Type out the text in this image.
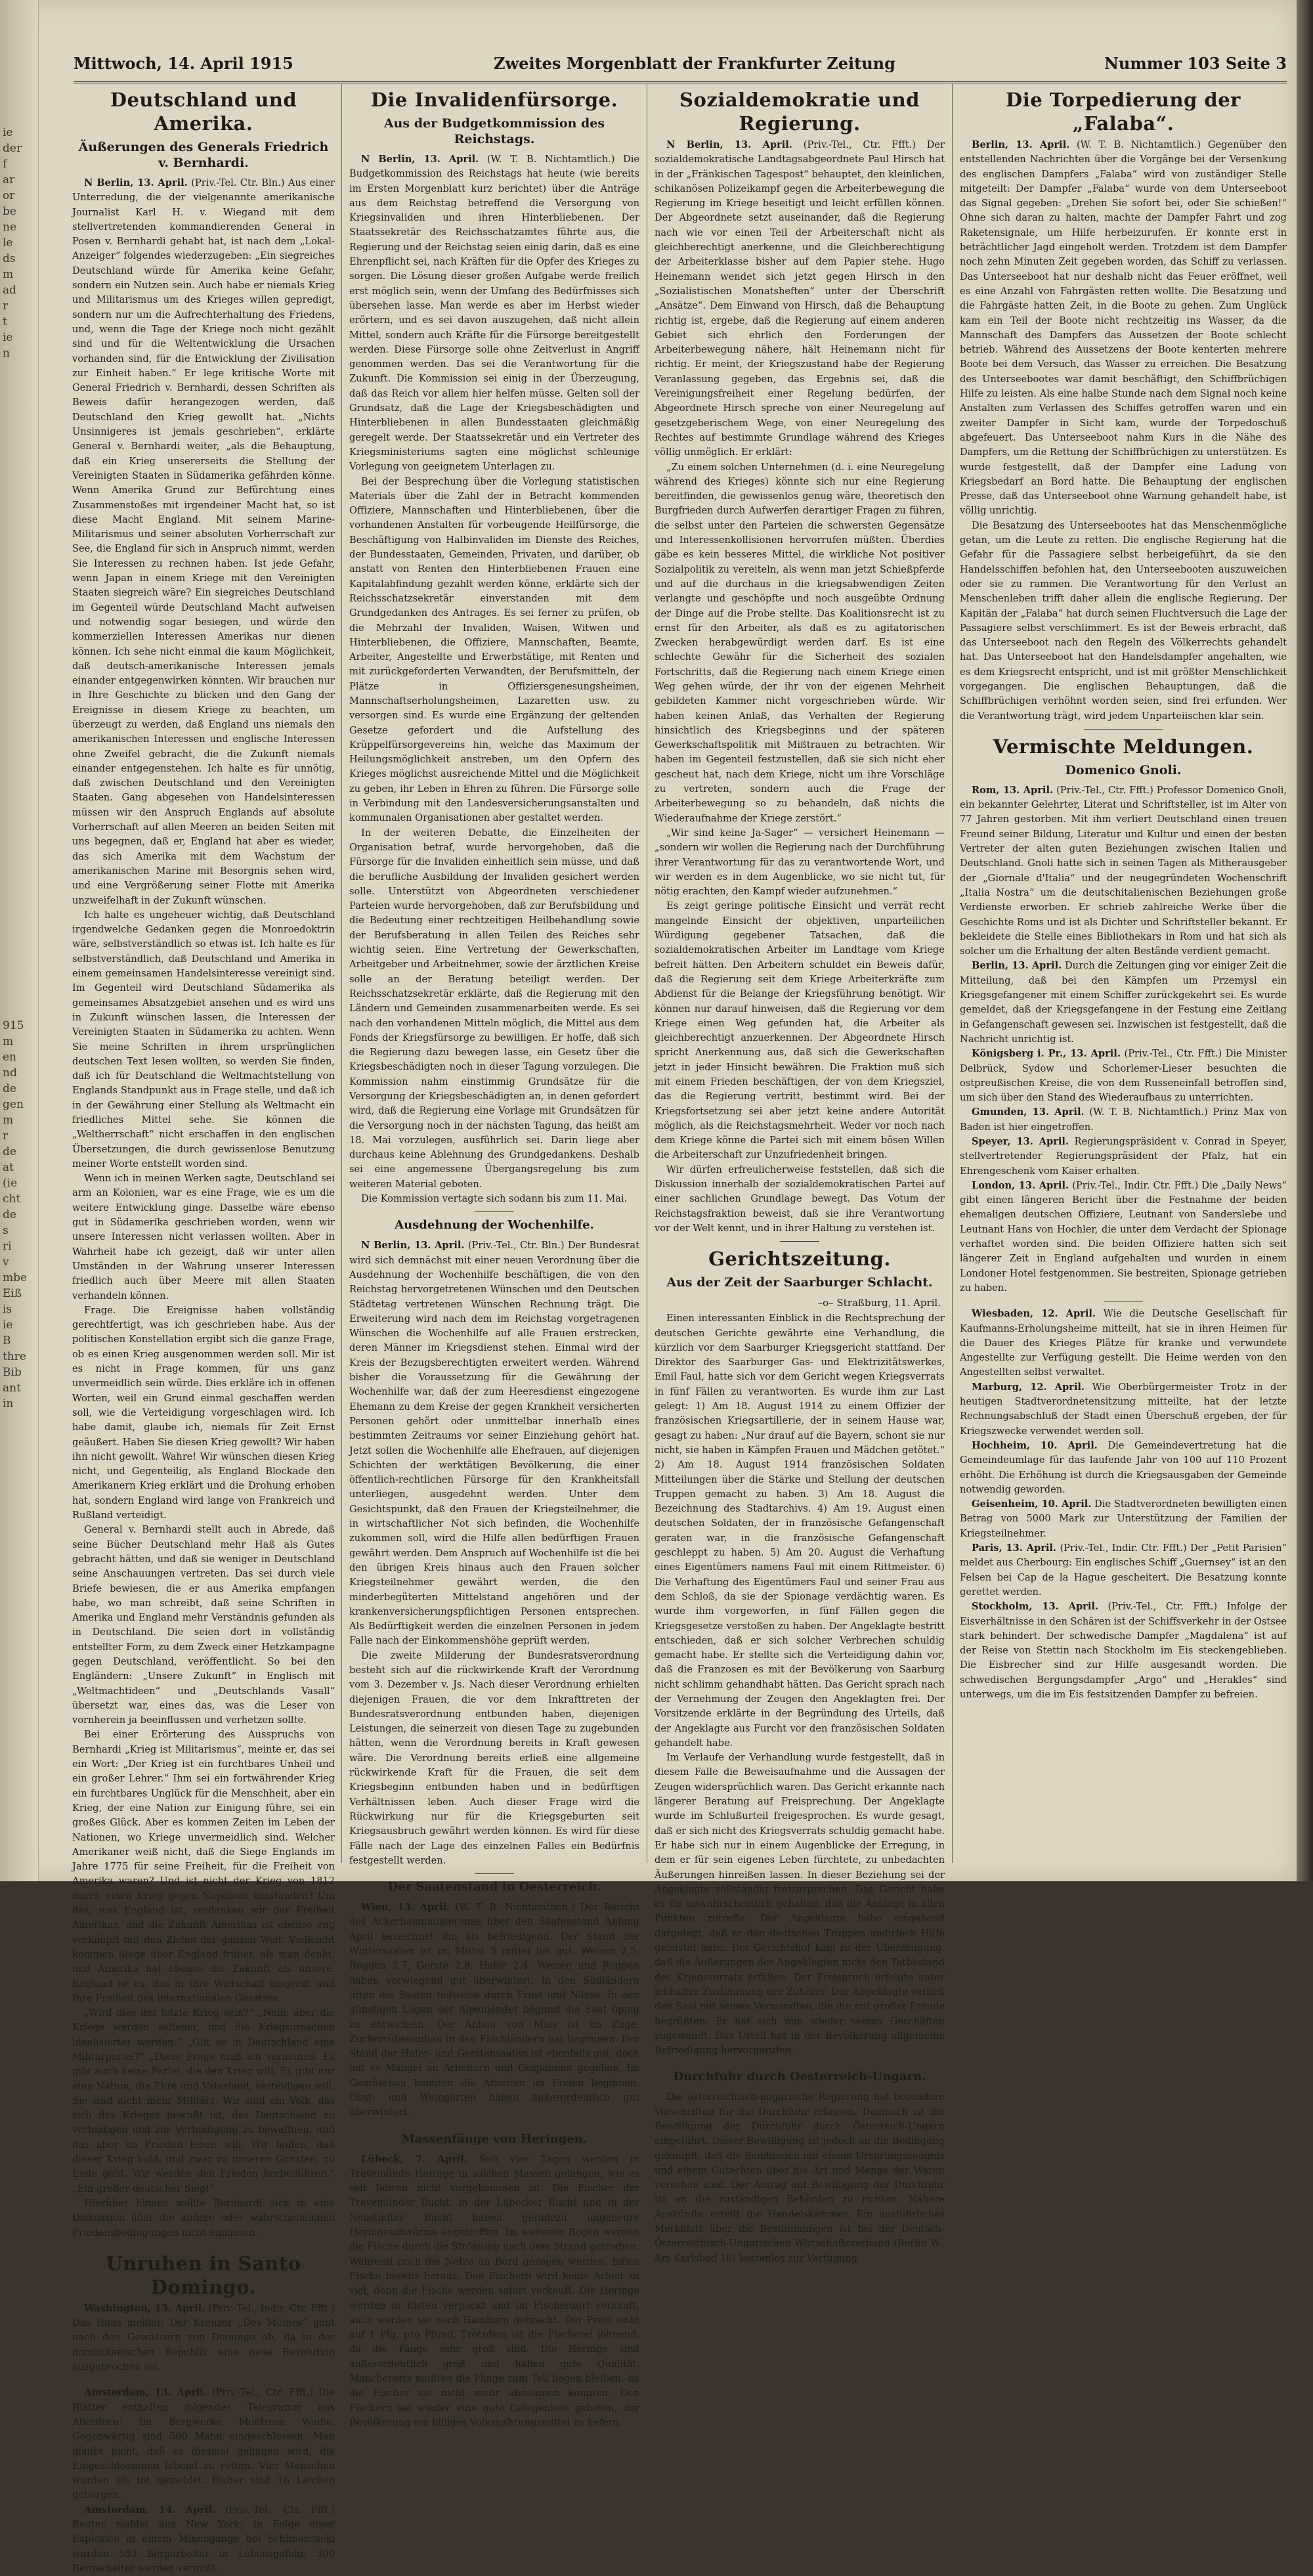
ie
der
f
ar
or
be
ne
le
ds
m
ad
r
t
ie
n
915
m
en
nd
de
gen
m
r
de
at
(ie
cht
de
s
ri
v
mbe
Eiß
is
ie
B
thre
Bib
ant
in
Mittwoch, 14. April 1915	Zweites Morgenblatt der Frankfurter Zeitung	Nummer 103 Seite 3
Deutschland und Amerika.
Äußerungen des Generals Friedrich v. Bernhardi.

N Berlin, 13. April. (Priv.-Tel. Ctr. Bln.) Aus einer Unterredung, die der vielgenannte amerikanische Journalist Karl H. v. Wiegand mit dem stellvertretenden kommandierenden General in Posen v. Bernhardi gehabt hat, ist nach dem „Lokal-Anzeiger“ folgendes wiederzugeben: „Ein siegreiches Deutschland würde für Amerika keine Gefahr, sondern ein Nutzen sein. Auch habe er niemals Krieg und Militarismus um des Krieges willen gepredigt, sondern nur um die Aufrechterhaltung des Friedens, und, wenn die Tage der Kriege noch nicht gezählt sind und für die Weltentwicklung die Ursachen vorhanden sind, für die Entwicklung der Zivilisation zur Einheit haben.“ Er lege kritische Worte mit General Friedrich v. Bernhardi, dessen Schriften als Beweis dafür herangezogen werden, daß Deutschland den Krieg gewollt hat. „Nichts Unsinnigeres ist jemals geschrieben“, erklärte General v. Bernhardi weiter, „als die Behauptung, daß ein Krieg unsererseits die Stellung der Vereinigten Staaten in Südamerika gefährden könne. Wenn Amerika Grund zur Befürchtung eines Zusammenstoßes mit irgendeiner Macht hat, so ist diese Macht England. Mit seinem Marine-Militarismus und seiner absoluten Vorherrschaft zur See, die England für sich in Anspruch nimmt, werden Sie Interessen zu rechnen haben. Ist jede Gefahr, wenn Japan in einem Kriege mit den Vereinigten Staaten siegreich wäre? Ein siegreiches Deutschland im Gegenteil würde Deutschland Macht aufweisen und notwendig sogar besiegen, und würde den kommerziellen Interessen Amerikas nur dienen können. Ich sehe nicht einmal die kaum Möglichkeit, daß deutsch-amerikanische Interessen jemals einander entgegenwirken könnten. Wir brauchen nur in Ihre Geschichte zu blicken und den Gang der Ereignisse in diesem Kriege zu beachten, um überzeugt zu werden, daß England uns niemals den amerikanischen Interessen und englische Interessen ohne Zweifel gebracht, die die Zukunft niemals einander entgegenstehen. Ich halte es für unnötig, daß zwischen Deutschland und den Vereinigten Staaten. Gang abgesehen von Handelsinteressen müssen wir den Anspruch Englands auf absolute Vorherrschaft auf allen Meeren an beiden Seiten mit uns begegnen, daß er, England hat aber es wieder, das sich Amerika mit dem Wachstum der amerikanischen Marine mit Besorgnis sehen wird, und eine Vergrößerung seiner Flotte mit Amerika unzweifelhaft in der Zukunft wünschen.

Ich halte es ungeheuer wichtig, daß Deutschland irgendwelche Gedanken gegen die Monroedoktrin wäre, selbstverständlich so etwas ist. Ich halte es für selbstverständlich, daß Deutschland und Amerika in einem gemeinsamen Handelsinteresse vereinigt sind. Im Gegenteil wird Deutschland Südamerika als gemeinsames Absatzgebiet ansehen und es wird uns in Zukunft wünschen lassen, die Interessen der Vereinigten Staaten in Südamerika zu achten. Wenn Sie meine Schriften in ihrem ursprünglichen deutschen Text lesen wollten, so werden Sie finden, daß ich für Deutschland die Weltmachtstellung von Englands Standpunkt aus in Frage stelle, und daß ich in der Gewährung einer Stellung als Weltmacht ein friedliches Mittel sehe. Sie können die „Weltherrschaft“ nicht erschaffen in den englischen Übersetzungen, die durch gewissenlose Benutzung meiner Worte entstellt worden sind.

Wenn ich in meinen Werken sagte, Deutschland sei arm an Kolonien, war es eine Frage, wie es um die weitere Entwicklung ginge. Dasselbe wäre ebenso gut in Südamerika geschrieben worden, wenn wir unsere Interessen nicht verlassen wollten. Aber in Wahrheit habe ich gezeigt, daß wir unter allen Umständen in der Wahrung unserer Interessen friedlich auch über Meere mit allen Staaten verhandeln können.

Frage. Die Ereignisse haben vollständig gerechtfertigt, was ich geschrieben habe. Aus der politischen Konstellation ergibt sich die ganze Frage, ob es einen Krieg ausgenommen werden soll. Mir ist es nicht in Frage kommen, für uns ganz unvermeidlich sein würde. Dies erkläre ich in offenen Worten, weil ein Grund einmal geschaffen werden soll, wie die Verteidigung vorgeschlagen wird. Ich habe damit, glaube ich, niemals für Zeit Ernst geäußert. Haben Sie diesen Krieg gewollt? Wir haben ihn nicht gewollt. Wahre! Wir wünschen diesen Krieg nicht, und Gegenteilig, als England Blockade den Amerikanern Krieg erklärt und die Drohung erhoben hat, sondern England wird lange von Frankreich und Rußland verteidigt.

General v. Bernhardi stellt auch in Abrede, daß seine Bücher Deutschland mehr Haß als Gutes gebracht hätten, und daß sie weniger in Deutschland seine Anschauungen vertreten. Das sei durch viele Briefe bewiesen, die er aus Amerika empfangen habe, wo man schreibt, daß seine Schriften in Amerika und England mehr Verständnis gefunden als in Deutschland. Die seien dort in vollständig entstellter Form, zu dem Zweck einer Hetzkampagne gegen Deutschland, veröffentlicht. So bei den Engländern: „Unsere Zukunft“ in Englisch mit „Weltmachtideen“ und „Deutschlands Vasall“ übersetzt war, eines das, was die Leser von vornherein ja beeinflussen und verhetzen sollte.

Bei einer Erörterung des Ausspruchs von Bernhardi „Krieg ist Militarismus“, meinte er, das sei ein Wort: „Der Krieg ist ein furchtbares Unheil und ein großer Lehrer.“ Ihm sei ein fortwährender Krieg ein furchtbares Unglück für die Menschheit, aber ein Krieg, der eine Nation zur Einigung führe, sei ein großes Glück. Aber es kommen Zeiten im Leben der Nationen, wo Kriege unvermeidlich sind. Welcher Amerikaner weiß nicht, daß die Siege Englands im Jahre 1775 für seine Freiheit, für die Freiheit von Amerika waren? Und ist nicht der Krieg von 1812 durch einen Krieg gegen Napoleon entstanden? Um das, was England ist, verdanken wir der Freiheit Amerikas, und die Zukunft Amerikas ist ebenso eng verknüpft mit den Zielen der ganzen Welt. Vielleicht kommen Siege über England früher, als man denkt, und Amerika hat ebenso die Zukunft als unsere. England ist es, das in Ihre Wirtschaft eingreift und Ihre Freiheit des internationalen Gesetzes.

„Wird dies der letzte Krieg sein?“ „Nein, aber die Kriege werden seltener, und die Kriegsursachen idealisierter werden.“ „Gilt es in Deutschland eine Militärpartei?“ „Diese Frage muß ich verneinen. Es gibt auch keine Partei, die den Krieg will. Es gibt nur eine Nation, die Ehre und Vaterland, verteidigen will. Sie sind nicht mehr Militärs. Wir sind ein Volk, das sich des Krieges bewußt ist, das Deutschland zu verteidigen und zur Verteidigung zu bewaffnen, und das aber im Frieden leben will. Wir hoffen, daß dieser Krieg bald, und zwar zu unseren Gunsten, zu Ende geht. Wir werden den Frieden herbeiführen.“ „Ein großer deutscher Sieg!“

Hierüber hinaus wollte Bernhardi sich in eine Diskussion über die andere oder wahrscheinlichen Friedensbedingungen nicht einlassen.

Unruhen in Santo Domingo.

Washington, 13. April. (Priv.-Tel., Indir. Ctr. Ffft.) Das Haus meldet: Der Kreuzer „Des Moines“ geht nach den Gewässern von Domingo ab, da in der dominikanischen Republik eine neue Revolution ausgebrochen sei.

Amsterdam, 13. April. (Priv.-Tel., Ctr. Ffft.) Die Blätter enthalten folgendes Telegramm aus Aberdeen: Im Bergwerke Montrose Weiße. Gegenwärtig sind 500 Mann eingeschlossen. Man glaubt nicht, daß es diesmal gelingen wird, die Eingeschlossenen lebend zu retten. Vier Menschen wurden als tot gemeldet. Bisher sind 16 Leichen geborgen.

Amsterdam, 14. April. (Priv.-Tel., Ctr. Ffft.) Reuter meldet aus New York: In Folge einer Explosion in einem Minengange bei Schimonoseki wurden 593 Bergarbeiter in Lebensgefahr. 300 Bergarbeiter werden vermißt.

Die Invalidenfürsorge.
Aus der Budgetkommission des Reichstags.

N Berlin, 13. April. (W. T. B. Nichtamtlich.) Die Budgetkommission des Reichstags hat heute (wie bereits im Ersten Morgenblatt kurz berichtet) über die Anträge aus dem Reichstag betreffend die Versorgung von Kriegsinvaliden und ihren Hinterbliebenen. Der Staatssekretär des Reichsschatzamtes führte aus, die Regierung und der Reichstag seien einig darin, daß es eine Ehrenpflicht sei, nach Kräften für die Opfer des Krieges zu sorgen. Die Lösung dieser großen Aufgabe werde freilich erst möglich sein, wenn der Umfang des Bedürfnisses sich übersehen lasse. Man werde es aber im Herbst wieder erörtern, und es sei davon auszugehen, daß nicht allein Mittel, sondern auch Kräfte für die Fürsorge bereitgestellt werden. Diese Fürsorge solle ohne Zeitverlust in Angriff genommen werden. Das sei die Verantwortung für die Zukunft. Die Kommission sei einig in der Überzeugung, daß das Reich vor allem hier helfen müsse. Gelten soll der Grundsatz, daß die Lage der Kriegsbeschädigten und Hinterbliebenen in allen Bundesstaaten gleichmäßig geregelt werde. Der Staatssekretär und ein Vertreter des Kriegsministeriums sagten eine möglichst schleunige Vorlegung von geeignetem Unterlagen zu.

Bei der Besprechung über die Vorlegung statistischen Materials über die Zahl der in Betracht kommenden Offiziere, Mannschaften und Hinterbliebenen, über die vorhandenen Anstalten für vorbeugende Heilfürsorge, die Beschäftigung von Halbinvaliden im Dienste des Reiches, der Bundesstaaten, Gemeinden, Privaten, und darüber, ob anstatt von Renten den Hinterbliebenen Frauen eine Kapitalabfindung gezahlt werden könne, erklärte sich der Reichsschatzsekretär einverstanden mit dem Grundgedanken des Antrages. Es sei ferner zu prüfen, ob die Mehrzahl der Invaliden, Waisen, Witwen und Hinterbliebenen, die Offiziere, Mannschaften, Beamte, Arbeiter, Angestellte und Erwerbstätige, mit Renten und mit zurückgeforderten Verwandten, der Berufsmitteln, der Plätze in Offiziersgenesungsheimen, Mannschaftserholungsheimen, Lazaretten usw. zu versorgen sind. Es wurde eine Ergänzung der geltenden Gesetze gefordert und die Aufstellung des Krüppelfürsorgevereins hin, welche das Maximum der Heilungsmöglichkeit anstreben, um den Opfern des Krieges möglichst ausreichende Mittel und die Möglichkeit zu geben, ihr Leben in Ehren zu führen. Die Fürsorge solle in Verbindung mit den Landesversicherungsanstalten und kommunalen Organisationen aber gestaltet werden.

In der weiteren Debatte, die Einzelheiten der Organisation betraf, wurde hervorgehoben, daß die Fürsorge für die Invaliden einheitlich sein müsse, und daß die berufliche Ausbildung der Invaliden gesichert werden solle. Unterstützt von Abgeordneten verschiedener Parteien wurde hervorgehoben, daß zur Berufsbildung und die Bedeutung einer rechtzeitigen Heilbehandlung sowie der Berufsberatung in allen Teilen des Reiches sehr wichtig seien. Eine Vertretung der Gewerkschaften, Arbeitgeber und Arbeitnehmer, sowie der ärztlichen Kreise solle an der Beratung beteiligt werden. Der Reichsschatzsekretär erklärte, daß die Regierung mit den Ländern und Gemeinden zusammenarbeiten werde. Es sei nach den vorhandenen Mitteln möglich, die Mittel aus dem Fonds der Kriegsfürsorge zu bewilligen. Er hoffe, daß sich die Regierung dazu bewegen lasse, ein Gesetz über die Kriegsbeschädigten noch in dieser Tagung vorzulegen. Die Kommission nahm einstimmig Grundsätze für die Versorgung der Kriegsbeschädigten an, in denen gefordert wird, daß die Regierung eine Vorlage mit Grundsätzen für die Versorgung noch in der nächsten Tagung, das heißt am 18. Mai vorzulegen, ausführlich sei. Darin liege aber durchaus keine Ablehnung des Grundgedankens. Deshalb sei eine angemessene Übergangsregelung bis zum weiteren Material geboten.

Die Kommission vertagte sich sodann bis zum 11. Mai.

Ausdehnung der Wochenhilfe.

N Berlin, 13. April. (Priv.-Tel., Ctr. Bln.) Der Bundesrat wird sich demnächst mit einer neuen Verordnung über die Ausdehnung der Wochenhilfe beschäftigen, die von den Reichstag hervorgetretenen Wünschen und den Deutschen Städtetag vertretenen Wünschen Rechnung trägt. Die Erweiterung wird nach dem im Reichstag vorgetragenen Wünschen die Wochenhilfe auf alle Frauen erstrecken, deren Männer im Kriegsdienst stehen. Einmal wird der Kreis der Bezugsberechtigten erweitert werden. Während bisher die Voraussetzung für die Gewährung der Wochenhilfe war, daß der zum Heeresdienst eingezogene Ehemann zu dem Kreise der gegen Krankheit versicherten Personen gehört oder unmittelbar innerhalb eines bestimmten Zeitraums vor seiner Einziehung gehört hat. Jetzt sollen die Wochenhilfe alle Ehefrauen, auf diejenigen Schichten der werktätigen Bevölkerung, die einer öffentlich-rechtlichen Fürsorge für den Krankheitsfall unterliegen, ausgedehnt werden. Unter dem Gesichtspunkt, daß den Frauen der Kriegsteilnehmer, die in wirtschaftlicher Not sich befinden, die Wochenhilfe zukommen soll, wird die Hilfe allen bedürftigen Frauen gewährt werden. Dem Anspruch auf Wochenhilfe ist die bei den übrigen Kreis hinaus auch den Frauen solcher Kriegsteilnehmer gewährt werden, die den minderbegüterten Mittelstand angehören und der krankenversicherungspflichtigen Personen entsprechen. Als Bedürftigkeit werden die einzelnen Personen in jedem Falle nach der Einkommenshöhe geprüft werden.

Die zweite Milderung der Bundesratsverordnung besteht sich auf die rückwirkende Kraft der Verordnung vom 3. Dezember v. Js. Nach dieser Verordnung erhielten diejenigen Frauen, die vor dem Inkrafttreten der Bundesratsverordnung entbunden haben, diejenigen Leistungen, die seinerzeit von diesen Tage zu zugebunden hätten, wenn die Verordnung bereits in Kraft gewesen wäre. Die Verordnung bereits erließ eine allgemeine rückwirkende Kraft für die Frauen, die seit dem Kriegsbeginn entbunden haben und in bedürftigen Verhältnissen leben. Auch dieser Frage wird die Rückwirkung nur für die Kriegsgeburten seit Kriegsausbruch gewährt werden können. Es wird für diese Fälle nach der Lage des einzelnen Falles ein Bedürfnis festgestellt werden.

Der Saatenstand in Oesterreich.

Wien, 13. April. (W. T. B. Nichtamtlich.) Der Bericht des Ackerbauministeriums über den Saatenstand Anfang April bezeichnet ihn als befriedigend. Der Stand der Wintersaaten ist im Mittel 3 mittel bis gut. Weizen 2,5, Roggen 2,7, Gerste 2,8, Hafer 2,4. Weizen und Roggen haben vorwiegend gut überwintert. In den Südländern litten die Saaten teilweise durch Frost und Nässe. In den günstigen Lagen der Alpenländer beginnt die Saat üppig zu entwickeln. Der Anbau von Mais ist im Zuge. Zuckerrübenanbau in den Flachländern hat begonnen. Der Stand der Hafer- und Gerstensaaten ist ebenfalls gut, doch hat es Mangel an Arbeitern und Gespannen gegeben. Im Gemüsebau konnten die Arbeiten im Freien beginnen. Obst- und Weingärten haben außerordentlich gut überwintert.

Massenfänge von Heringen.

Lübeck, 7. April. Seit vier Tagen werden in Travemünde Heringe in solchen Massen gefangen, wie es seit Jahren nicht vorgekommen ist. Die Fischer der Travemünder Bucht, in der Lübecker Bucht und in der Neustädter Bucht haben geradezu ungeheure Heringsschwärme angetroffen. Im weiteren Bogen werden die Fische durch die Strömung nach dem Strand getrieben. Während noch die Netze an Bord gezogen werden, fallen Fische bereits heraus. Den Fischern wird keine Arbeit zu viel, denn die Fische werden sofort verkauft. Die Heringe werden in Kisten verpackt und im Fischerdorf verkauft, auch werden sie nach Hamburg gebracht. Der Preis sinkt auf 1 Pfg. pro Pfund. Trotzdem ist die Fischerei lohnend, da die Fänge sehr groß sind. Die Heringe sind außerordentlich groß und haben gute Qualität. Mancherorts mußten die Fänge zum Teil liegen bleiben, da die Fischer sie nicht mehr abnehmen konnten. Den Fischern sei wieder eine gute Gelegenheit geboten, der Bevölkerung ein billiges Volksnahrungsmittel zu liefern.

Sozialdemokratie und Regierung.

N Berlin, 13. April. (Priv.-Tel., Ctr. Ffft.) Der sozialdemokratische Landtagsabgeordnete Paul Hirsch hat in der „Fränkischen Tagespost“ behauptet, den kleinlichen, schikanösen Polizeikampf gegen die Arbeiterbewegung die Regierung im Kriege beseitigt und leicht erfüllen können. Der Abgeordnete setzt auseinander, daß die Regierung nach wie vor einen Teil der Arbeiterschaft nicht als gleichberechtigt anerkenne, und die Gleichberechtigung der Arbeiterklasse bisher auf dem Papier stehe. Hugo Heinemann wendet sich jetzt gegen Hirsch in den „Sozialistischen Monatsheften“ unter der Überschrift „Ansätze“. Dem Einwand von Hirsch, daß die Behauptung richtig ist, ergebe, daß die Regierung auf einem anderen Gebiet sich ehrlich den Forderungen der Arbeiterbewegung nähere, hält Heinemann nicht für richtig. Er meint, der Kriegszustand habe der Regierung Veranlassung gegeben, das Ergebnis sei, daß die Vereinigungsfreiheit einer Regelung bedürfen, der Abgeordnete Hirsch spreche von einer Neuregelung auf gesetzgeberischem Wege, von einer Neuregelung des Rechtes auf bestimmte Grundlage während des Krieges völlig unmöglich. Er erklärt:

„Zu einem solchen Unternehmen (d. i. eine Neuregelung während des Krieges) könnte sich nur eine Regierung bereitfinden, die gewissenlos genug wäre, theoretisch den Burgfrieden durch Aufwerfen derartiger Fragen zu führen, die selbst unter den Parteien die schwersten Gegensätze und Interessenkollisionen hervorrufen müßten. Überdies gäbe es kein besseres Mittel, die wirkliche Not positiver Sozialpolitik zu vereiteln, als wenn man jetzt Schießpferde und auf die durchaus in die kriegsabwendigen Zeiten verlangte und geschöpfte und noch ausgeübte Ordnung der Dinge auf die Probe stellte. Das Koalitionsrecht ist zu ernst für den Arbeiter, als daß es zu agitatorischen Zwecken herabgewürdigt werden darf. Es ist eine schlechte Gewähr für die Sicherheit des sozialen Fortschritts, daß die Regierung nach einem Kriege einen Weg gehen würde, der ihr von der eigenen Mehrheit gebildeten Kammer nicht vorgeschrieben würde. Wir haben keinen Anlaß, das Verhalten der Regierung hinsichtlich des Kriegsbeginns und der späteren Gewerkschaftspolitik mit Mißtrauen zu betrachten. Wir haben im Gegenteil festzustellen, daß sie sich nicht eher gescheut hat, nach dem Kriege, nicht um ihre Vorschläge zu vertreten, sondern auch die Frage der Arbeiterbewegung so zu behandeln, daß nichts die Wiederaufnahme der Kriege zerstört.“

„Wir sind keine Ja-Sager“ — versichert Heinemann — „sondern wir wollen die Regierung nach der Durchführung ihrer Verantwortung für das zu verantwortende Wort, und wir werden es in dem Augenblicke, wo sie nicht tut, für nötig erachten, den Kampf wieder aufzunehmen.“

Es zeigt geringe politische Einsicht und verrät recht mangelnde Einsicht der objektiven, unparteilichen Würdigung gegebener Tatsachen, daß die sozialdemokratischen Arbeiter im Landtage vom Kriege befreit hätten. Den Arbeitern schuldet ein Beweis dafür, daß die Regierung seit dem Kriege Arbeiterkräfte zum Abdienst für die Belange der Kriegsführung benötigt. Wir können nur darauf hinweisen, daß die Regierung vor dem Kriege einen Weg gefunden hat, die Arbeiter als gleichberechtigt anzuerkennen. Der Abgeordnete Hirsch spricht Anerkennung aus, daß sich die Gewerkschaften jetzt in jeder Hinsicht bewähren. Die Fraktion muß sich mit einem Frieden beschäftigen, der von dem Kriegsziel, das die Regierung vertritt, bestimmt wird. Bei der Kriegsfortsetzung sei aber jetzt keine andere Autorität möglich, als die Reichstagsmehrheit. Weder vor noch nach dem Kriege könne die Partei sich mit einem bösen Willen die Arbeiterschaft zur Unzufriedenheit bringen.

Wir dürfen erfreulicherweise feststellen, daß sich die Diskussion innerhalb der sozialdemokratischen Partei auf einer sachlichen Grundlage bewegt. Das Votum der Reichstagsfraktion beweist, daß sie ihre Verantwortung vor der Welt kennt, und in ihrer Haltung zu verstehen ist.

Gerichtszeitung.
Aus der Zeit der Saarburger Schlacht.
–o– Straßburg, 11. April.

Einen interessanten Einblick in die Rechtsprechung der deutschen Gerichte gewährte eine Verhandlung, die kürzlich vor dem Saarburger Kriegsgericht stattfand. Der Direktor des Saarburger Gas- und Elektrizitätswerkes, Emil Faul, hatte sich vor dem Gericht wegen Kriegsverrats in fünf Fällen zu verantworten. Es wurde ihm zur Last gelegt: 1) Am 18. August 1914 zu einem Offizier der französischen Kriegsartillerie, der in seinem Hause war, gesagt zu haben: „Nur drauf auf die Bayern, schont sie nur nicht, sie haben in Kämpfen Frauen und Mädchen getötet.“ 2) Am 18. August 1914 französischen Soldaten Mitteilungen über die Stärke und Stellung der deutschen Truppen gemacht zu haben. 3) Am 18. August die Bezeichnung des Stadtarchivs. 4) Am 19. August einen deutschen Soldaten, der in französische Gefangenschaft geraten war, in die französische Gefangenschaft geschleppt zu haben. 5) Am 20. August die Verhaftung eines Eigentümers namens Faul mit einem Rittmeister. 6) Die Verhaftung des Eigentümers Faul und seiner Frau aus dem Schloß, da sie der Spionage verdächtig waren. Es wurde ihm vorgeworfen, in fünf Fällen gegen die Kriegsgesetze verstoßen zu haben. Der Angeklagte bestritt entschieden, daß er sich solcher Verbrechen schuldig gemacht habe. Er stellte sich die Verteidigung dahin vor, daß die Franzosen es mit der Bevölkerung von Saarburg nicht schlimm gehandhabt hätten. Das Gericht sprach nach der Vernehmung der Zeugen den Angeklagten frei. Der Vorsitzende erklärte in der Begründung des Urteils, daß der Angeklagte aus Furcht vor den französischen Soldaten gehandelt habe.

Im Verlaufe der Verhandlung wurde festgestellt, daß in diesem Falle die Beweisaufnahme und die Aussagen der Zeugen widersprüchlich waren. Das Gericht erkannte nach längerer Beratung auf Freisprechung. Der Angeklagte wurde im Schlußurteil freigesprochen. Es wurde gesagt, daß er sich nicht des Kriegsverrats schuldig gemacht habe. Er habe sich nur in einem Augenblicke der Erregung, in dem er für sein eigenes Leben fürchtete, zu unbedachten Äußerungen hinreißen lassen. In dieser Beziehung sei der Angeklagte vollständig freizusprechen. Das Gericht habe es für unwahrscheinlich gehalten, daß die Anklage in allen Punkten zutreffe. Der Angeklagte habe eingehend dargelegt, daß er den deutschen Truppen mehrfach Hilfe geleistet habe. Der Gerichtshof kam zu der Überzeugung, daß die Äußerungen des Angeklagten nicht den Tatbestand des Kriegsverrats erfüllen. Der Freispruch erfolgte unter lebhafter Zustimmung der Zuhörer. Der Angeklagte verließ den Saal mit seinen Verwandten, die ihn mit großer Freude begrüßten. Er hat sich nun wieder seinen Geschäften zugewandt. Das Urteil hat in der Bevölkerung allgemeine Befriedigung hervorgerufen.

Durchfuhr durch Oesterreich-Ungarn.

Die österreichisch-ungarische Regierung hat besondere Vorschriften für die Durchfuhr erlassen. Demnach ist die Bewilligung der Durchfuhr durch Österreich-Ungarn eingeführt. Dieser Bewilligung ist jedoch an die Bedingung geknüpft, daß die Sendungen mit einem Ursprungszeugnis und einem Gutachten über die Art und Menge der Waren versehen sind. Der Antrag auf Bewilligung der Durchfuhr ist an die zuständigen Behörden zu richten. Nähere Auskünfte erteilt die Handelskammer. Ein ausführliches Merkblatt über die Bestimmungen ist bei der Deutsch-Österreichisch-Ungarischen Wirtschaftsverband (Berlin W., Am Karlsbad 16) kostenlos zur Verfügung.

Die Torpedierung der „Falaba“.

Berlin, 13. April. (W. T. B. Nichtamtlich.) Gegenüber den entstellenden Nachrichten über die Vorgänge bei der Versenkung des englischen Dampfers „Falaba“ wird von zuständiger Stelle mitgeteilt: Der Dampfer „Falaba“ wurde von dem Unterseeboot das Signal gegeben: „Drehen Sie sofort bei, oder Sie schießen!“ Ohne sich daran zu halten, machte der Dampfer Fahrt und zog Raketensignale, um Hilfe herbeizurufen. Er konnte erst in beträchtlicher Jagd eingeholt werden. Trotzdem ist dem Dampfer noch zehn Minuten Zeit gegeben worden, das Schiff zu verlassen. Das Unterseeboot hat nur deshalb nicht das Feuer eröffnet, weil es eine Anzahl von Fahrgästen retten wollte. Die Besatzung und die Fahrgäste hatten Zeit, in die Boote zu gehen. Zum Unglück kam ein Teil der Boote nicht rechtzeitig ins Wasser, da die Mannschaft des Dampfers das Aussetzen der Boote schlecht betrieb. Während des Aussetzens der Boote kenterten mehrere Boote bei dem Versuch, das Wasser zu erreichen. Die Besatzung des Unterseebootes war damit beschäftigt, den Schiffbrüchigen Hilfe zu leisten. Als eine halbe Stunde nach dem Signal noch keine Anstalten zum Verlassen des Schiffes getroffen waren und ein zweiter Dampfer in Sicht kam, wurde der Torpedoschuß abgefeuert. Das Unterseeboot nahm Kurs in die Nähe des Dampfers, um die Rettung der Schiffbrüchigen zu unterstützen. Es wurde festgestellt, daß der Dampfer eine Ladung von Kriegsbedarf an Bord hatte. Die Behauptung der englischen Presse, daß das Unterseeboot ohne Warnung gehandelt habe, ist völlig unrichtig.

Die Besatzung des Unterseebootes hat das Menschenmögliche getan, um die Leute zu retten. Die englische Regierung hat die Gefahr für die Passagiere selbst herbeigeführt, da sie den Handelsschiffen befohlen hat, den Unterseebooten auszuweichen oder sie zu rammen. Die Verantwortung für den Verlust an Menschenleben trifft daher allein die englische Regierung. Der Kapitän der „Falaba“ hat durch seinen Fluchtversuch die Lage der Passagiere selbst verschlimmert. Es ist der Beweis erbracht, daß das Unterseeboot nach den Regeln des Völkerrechts gehandelt hat. Das Unterseeboot hat den Handelsdampfer angehalten, wie es dem Kriegsrecht entspricht, und ist mit größter Menschlichkeit vorgegangen. Die englischen Behauptungen, daß die Schiffbrüchigen verhöhnt worden seien, sind frei erfunden. Wer die Verantwortung trägt, wird jedem Unparteiischen klar sein.

Vermischte Meldungen.
Domenico Gnoli.

Rom, 13. April. (Priv.-Tel., Ctr. Ffft.) Professor Domenico Gnoli, ein bekannter Gelehrter, Literat und Schriftsteller, ist im Alter von 77 Jahren gestorben. Mit ihm verliert Deutschland einen treuen Freund seiner Bildung, Literatur und Kultur und einen der besten Vertreter der alten guten Beziehungen zwischen Italien und Deutschland. Gnoli hatte sich in seinen Tagen als Mitherausgeber der „Giornale d'Italia“ und der neugegründeten Wochenschrift „Italia Nostra“ um die deutschitalienischen Beziehungen große Verdienste erworben. Er schrieb zahlreiche Werke über die Geschichte Roms und ist als Dichter und Schriftsteller bekannt. Er bekleidete die Stelle eines Bibliothekars in Rom und hat sich als solcher um die Erhaltung der alten Bestände verdient gemacht.

Berlin, 13. April. Durch die Zeitungen ging vor einiger Zeit die Mitteilung, daß bei den Kämpfen um Przemysl ein Kriegsgefangener mit einem Schiffer zurückgekehrt sei. Es wurde gemeldet, daß der Kriegsgefangene in der Festung eine Zeitlang in Gefangenschaft gewesen sei. Inzwischen ist festgestellt, daß die Nachricht unrichtig ist.

Königsberg i. Pr., 13. April. (Priv.-Tel., Ctr. Ffft.) Die Minister Delbrück, Sydow und Schorlemer-Lieser besuchten die ostpreußischen Kreise, die von dem Russeneinfall betroffen sind, um sich über den Stand des Wiederaufbaus zu unterrichten.

Gmunden, 13. April. (W. T. B. Nichtamtlich.) Prinz Max von Baden ist hier eingetroffen.

Speyer, 13. April. Regierungspräsident v. Conrad in Speyer, stellvertretender Regierungspräsident der Pfalz, hat ein Ehrengeschenk vom Kaiser erhalten.

London, 13. April. (Priv.-Tel., Indir. Ctr. Ffft.) Die „Daily News“ gibt einen längeren Bericht über die Festnahme der beiden ehemaligen deutschen Offiziere, Leutnant von Sanderslebe und Leutnant Hans von Hochler, die unter dem Verdacht der Spionage verhaftet worden sind. Die beiden Offiziere hatten sich seit längerer Zeit in England aufgehalten und wurden in einem Londoner Hotel festgenommen. Sie bestreiten, Spionage getrieben zu haben.

Wiesbaden, 12. April. Wie die Deutsche Gesellschaft für Kaufmanns-Erholungsheime mitteilt, hat sie in ihren Heimen für die Dauer des Krieges Plätze für kranke und verwundete Angestellte zur Verfügung gestellt. Die Heime werden von den Angestellten selbst verwaltet.

Marburg, 12. April. Wie Oberbürgermeister Trotz in der heutigen Stadtverordnetensitzung mitteilte, hat der letzte Rechnungsabschluß der Stadt einen Überschuß ergeben, der für Kriegszwecke verwendet werden soll.

Hochheim, 10. April. Die Gemeindevertretung hat die Gemeindeumlage für das laufende Jahr von 100 auf 110 Prozent erhöht. Die Erhöhung ist durch die Kriegsausgaben der Gemeinde notwendig geworden.

Geisenheim, 10. April. Die Stadtverordneten bewilligten einen Betrag von 5000 Mark zur Unterstützung der Familien der Kriegsteilnehmer.

Paris, 13. April. (Priv.-Tel., Indir. Ctr. Ffft.) Der „Petit Parisien“ meldet aus Cherbourg: Ein englisches Schiff „Guernsey“ ist an den Felsen bei Cap de la Hague gescheitert. Die Besatzung konnte gerettet werden.

Stockholm, 13. April. (Priv.-Tel., Ctr. Ffft.) Infolge der Eisverhältnisse in den Schären ist der Schiffsverkehr in der Ostsee stark behindert. Der schwedische Dampfer „Magdalena“ ist auf der Reise von Stettin nach Stockholm im Eis steckengeblieben. Die Eisbrecher sind zur Hilfe ausgesandt worden. Die schwedischen Bergungsdampfer „Argo“ und „Herakles“ sind unterwegs, um die im Eis festsitzenden Dampfer zu befreien.
